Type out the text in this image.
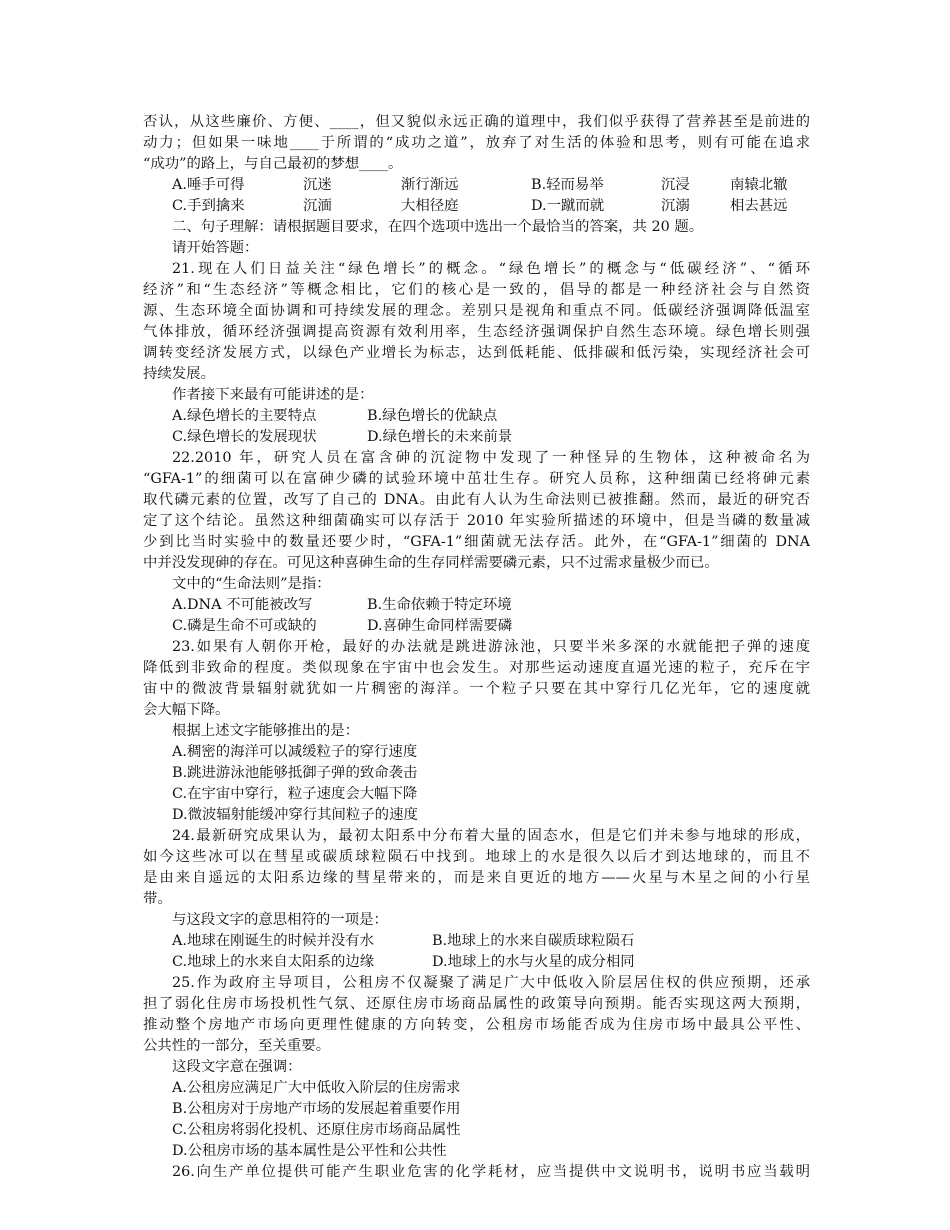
否认，从这些廉价、方便、____，但又貌似永远正确的道理中，我们似乎获得了营养甚至是前进的
动力；但如果一味地____于所谓的“成功之道”，放弃了对生活的体验和思考，则有可能在追求
“成功”的路上，与自己最初的梦想____。
A.唾手可得	沉迷	渐行渐远	B.轻而易举	沉浸	南辕北辙
C.手到擒来	沉湎	大相径庭	D.一蹴而就	沉溺	相去甚远
二、句子理解：请根据题目要求，在四个选项中选出一个最恰当的答案，共 20 题。
请开始答题：
21.现在人们日益关注“绿色增长”的概念。“绿色增长”的概念与“低碳经济”、“循环
经济”和“生态经济”等概念相比，它们的核心是一致的，倡导的都是一种经济社会与自然资
源、生态环境全面协调和可持续发展的理念。差别只是视角和重点不同。低碳经济强调降低温室
气体排放，循环经济强调提高资源有效利用率，生态经济强调保护自然生态环境。绿色增长则强
调转变经济发展方式，以绿色产业增长为标志，达到低耗能、低排碳和低污染，实现经济社会可
持续发展。
作者接下来最有可能讲述的是：
A.绿色增长的主要特点	B.绿色增长的优缺点
C.绿色增长的发展现状	D.绿色增长的未来前景
22.2010 年，研究人员在富含砷的沉淀物中发现了一种怪异的生物体，这种被命名为
“GFA-1”的细菌可以在富砷少磷的试验环境中茁壮生存。研究人员称，这种细菌已经将砷元素
取代磷元素的位置，改写了自己的 DNA。由此有人认为生命法则已被推翻。然而，最近的研究否
定了这个结论。虽然这种细菌确实可以存活于 2010 年实验所描述的环境中，但是当磷的数量减
少到比当时实验中的数量还要少时，“GFA-1”细菌就无法存活。此外，在“GFA-1”细菌的 DNA
中并没发现砷的存在。可见这种喜砷生命的生存同样需要磷元素，只不过需求量极少而已。
文中的“生命法则”是指：
A.DNA 不可能被改写	B.生命依赖于特定环境
C.磷是生命不可或缺的	D.喜砷生命同样需要磷
23.如果有人朝你开枪，最好的办法就是跳进游泳池，只要半米多深的水就能把子弹的速度
降低到非致命的程度。类似现象在宇宙中也会发生。对那些运动速度直逼光速的粒子，充斥在宇
宙中的微波背景辐射就犹如一片稠密的海洋。一个粒子只要在其中穿行几亿光年，它的速度就
会大幅下降。
根据上述文字能够推出的是：
A.稠密的海洋可以减缓粒子的穿行速度
B.跳进游泳池能够抵御子弹的致命袭击
C.在宇宙中穿行，粒子速度会大幅下降
D.微波辐射能缓冲穿行其间粒子的速度
24.最新研究成果认为，最初太阳系中分布着大量的固态水，但是它们并未参与地球的形成，
如今这些冰可以在彗星或碳质球粒陨石中找到。地球上的水是很久以后才到达地球的，而且不
是由来自遥远的太阳系边缘的彗星带来的，而是来自更近的地方——火星与木星之间的小行星
带。
与这段文字的意思相符的一项是：
A.地球在刚诞生的时候并没有水	B.地球上的水来自碳质球粒陨石
C.地球上的水来自太阳系的边缘	D.地球上的水与火星的成分相同
25.作为政府主导项目，公租房不仅凝聚了满足广大中低收入阶层居住权的供应预期，还承
担了弱化住房市场投机性气氛、还原住房市场商品属性的政策导向预期。能否实现这两大预期，
推动整个房地产市场向更理性健康的方向转变，公租房市场能否成为住房市场中最具公平性、
公共性的一部分，至关重要。
这段文字意在强调：
A.公租房应满足广大中低收入阶层的住房需求
B.公租房对于房地产市场的发展起着重要作用
C.公租房将弱化投机、还原住房市场商品属性
D.公租房市场的基本属性是公平性和公共性
26.向生产单位提供可能产生职业危害的化学耗材，应当提供中文说明书，说明书应当载明
